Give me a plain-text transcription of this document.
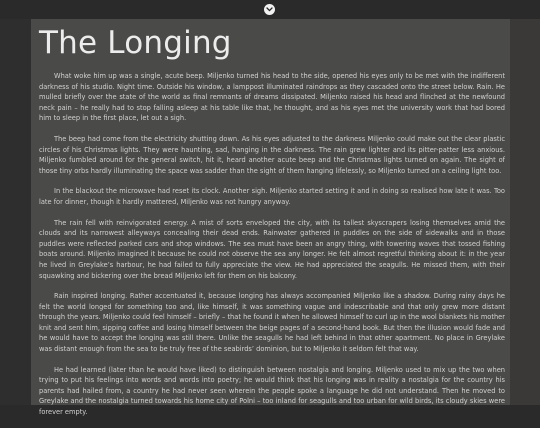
The Longing

What woke him up was a single, acute beep. Miljenko turned his head to the side, opened his eyes only to be met with the indifferent darkness of his studio. Night time. Outside his window, a lamppost illuminated raindrops as they cascaded onto the street below. Rain. He mulled briefly over the state of the world as final remnants of dreams dissipated. Miljenko raised his head and flinched at the newfound neck pain – he really had to stop falling asleep at his table like that, he thought, and as his eyes met the university work that had bored him to sleep in the first place, let out a sigh.

The beep had come from the electricity shutting down. As his eyes adjusted to the darkness Miljenko could make out the clear plastic circles of his Christmas lights. They were haunting, sad, hanging in the darkness. The rain grew lighter and its pitter-patter less anxious. Miljenko fumbled around for the general switch, hit it, heard another acute beep and the Christmas lights turned on again. The sight of those tiny orbs hardly illuminating the space was sadder than the sight of them hanging lifelessly, so Miljenko turned on a ceiling light too.

In the blackout the microwave had reset its clock. Another sigh. Miljenko started setting it and in doing so realised how late it was. Too late for dinner, though it hardly mattered, Miljenko was not hungry anyway.

The rain fell with reinvigorated energy. A mist of sorts enveloped the city, with its tallest skyscrapers losing themselves amid the clouds and its narrowest alleyways concealing their dead ends. Rainwater gathered in puddles on the side of sidewalks and in those puddles were reflected parked cars and shop windows. The sea must have been an angry thing, with towering waves that tossed fishing boats around. Miljenko imagined it because he could not observe the sea any longer. He felt almost regretful thinking about it: in the year he lived in Greylake’s harbour, he had failed to fully appreciate the view. He had appreciated the seagulls. He missed them, with their squawking and bickering over the bread Miljenko left for them on his balcony.

Rain inspired longing. Rather accentuated it, because longing has always accompanied Miljenko like a shadow. During rainy days he felt the world longed for something too and, like himself, it was something vague and indescribable and that only grew more distant through the years. Miljenko could feel himself – briefly – that he found it when he allowed himself to curl up in the wool blankets his mother knit and sent him, sipping coffee and losing himself between the beige pages of a second-hand book. But then the illusion would fade and he would have to accept the longing was still there. Unlike the seagulls he had left behind in that other apartment. No place in Greylake was distant enough from the sea to be truly free of the seabirds’ dominion, but to Miljenko it seldom felt that way.

He had learned (later than he would have liked) to distinguish between nostalgia and longing. Miljenko used to mix up the two when trying to put his feelings into words and words into poetry; he would think that his longing was in reality a nostalgia for the country his parents had hailed from, a country he had never seen wherein the people spoke a language he did not understand. Then he moved to Greylake and the nostalgia turned towards his home city of Polni – too inland for seagulls and too urban for wild birds, its cloudy skies were forever empty.
